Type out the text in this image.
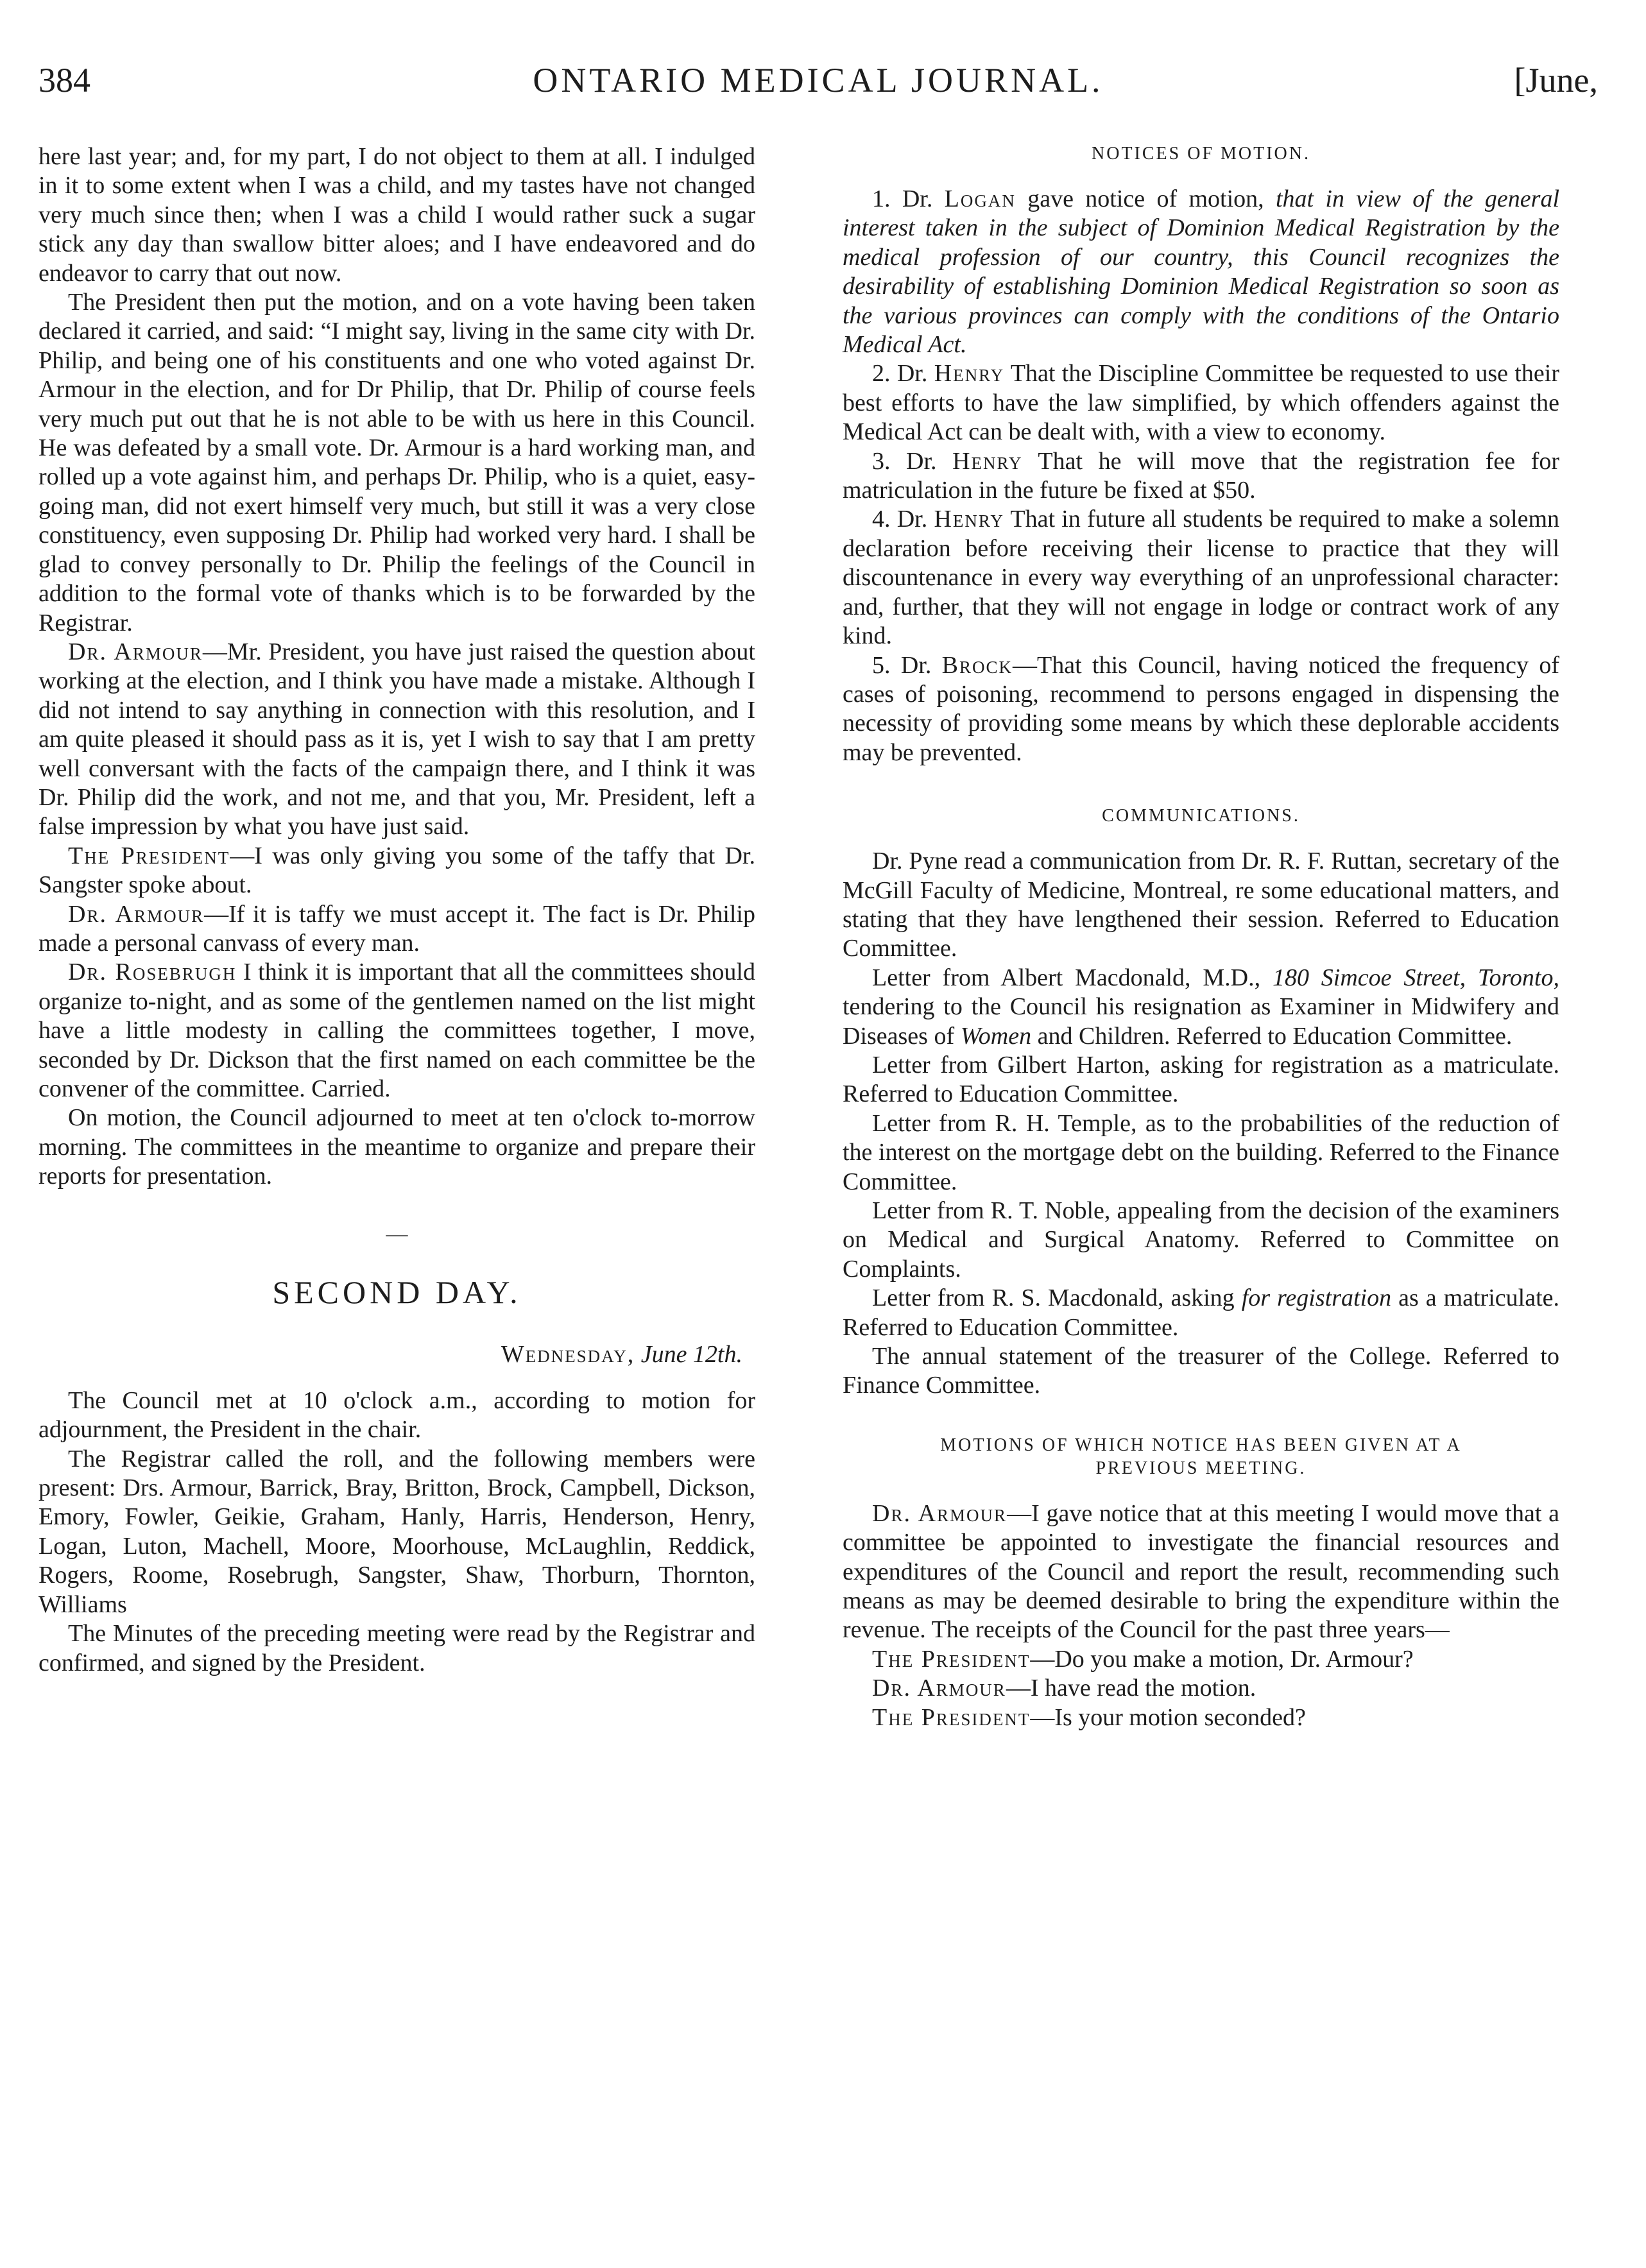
384	ONTARIO MEDICAL JOURNAL.	[June,

here last year; and, for my part, I do not object to them at all. I indulged in it to some extent when I was a child, and my tastes have not changed very much since then; when I was a child I would rather suck a sugar stick any day than swallow bitter aloes; and I have endeavored and do endeavor to carry that out now.

The President then put the motion, and on a vote having been taken declared it carried, and said: “I might say, living in the same city with Dr. Philip, and being one of his constituents and one who voted against Dr. Armour in the election, and for Dr Philip, that Dr. Philip of course feels very much put out that he is not able to be with us here in this Council. He was defeated by a small vote. Dr. Armour is a hard working man, and rolled up a vote against him, and perhaps Dr. Philip, who is a quiet, easy-going man, did not exert himself very much, but still it was a very close constituency, even supposing Dr. Philip had worked very hard. I shall be glad to convey personally to Dr. Philip the feelings of the Council in addition to the formal vote of thanks which is to be forwarded by the Registrar.

Dr. Armour—Mr. President, you have just raised the question about working at the election, and I think you have made a mistake. Although I did not intend to say anything in connection with this resolution, and I am quite pleased it should pass as it is, yet I wish to say that I am pretty well conversant with the facts of the campaign there, and I think it was Dr. Philip did the work, and not me, and that you, Mr. President, left a false impression by what you have just said.

The President—I was only giving you some of the taffy that Dr. Sangster spoke about.

Dr. Armour—If it is taffy we must accept it. The fact is Dr. Philip made a personal canvass of every man.

Dr. Rosebrugh I think it is important that all the committees should organize to-night, and as some of the gentlemen named on the list might have a little modesty in calling the committees together, I move, seconded by Dr. Dickson that the first named on each committee be the convener of the committee. Carried.

On motion, the Council adjourned to meet at ten o'clock to-morrow morning. The committees in the meantime to organize and prepare their reports for presentation.

—
SECOND DAY.
Wednesday, June 12th.

The Council met at 10 o'clock a.m., according to motion for adjournment, the President in the chair.

The Registrar called the roll, and the following members were present: Drs. Armour, Barrick, Bray, Britton, Brock, Campbell, Dickson, Emory, Fowler, Geikie, Graham, Hanly, Harris, Henderson, Henry, Logan, Luton, Machell, Moore, Moorhouse, McLaughlin, Reddick, Rogers, Roome, Rosebrugh, Sangster, Shaw, Thorburn, Thornton, Williams

The Minutes of the preceding meeting were read by the Registrar and confirmed, and signed by the President.

NOTICES OF MOTION.

1. Dr. Logan gave notice of motion, that in view of the general interest taken in the subject of Dominion Medical Registration by the medical profession of our country, this Council recognizes the desirability of establishing Dominion Medical Registration so soon as the various provinces can comply with the conditions of the Ontario Medical Act.

2. Dr. Henry That the Discipline Committee be requested to use their best efforts to have the law simplified, by which offenders against the Medical Act can be dealt with, with a view to economy.

3. Dr. Henry That he will move that the registration fee for matriculation in the future be fixed at $50.

4. Dr. Henry That in future all students be required to make a solemn declaration before receiving their license to practice that they will discountenance in every way everything of an unprofessional character: and, further, that they will not engage in lodge or contract work of any kind.

5. Dr. Brock—That this Council, having noticed the frequency of cases of poisoning, recommend to persons engaged in dispensing the necessity of providing some means by which these deplorable accidents may be prevented.

COMMUNICATIONS.

Dr. Pyne read a communication from Dr. R. F. Ruttan, secretary of the McGill Faculty of Medicine, Montreal, re some educational matters, and stating that they have lengthened their session. Referred to Education Committee.

Letter from Albert Macdonald, M.D., 180 Simcoe Street, Toronto, tendering to the Council his resignation as Examiner in Midwifery and Diseases of Women and Children. Referred to Education Committee.

Letter from Gilbert Harton, asking for registration as a matriculate. Referred to Education Committee.

Letter from R. H. Temple, as to the probabilities of the reduction of the interest on the mortgage debt on the building. Referred to the Finance Committee.

Letter from R. T. Noble, appealing from the decision of the examiners on Medical and Surgical Anatomy. Referred to Committee on Complaints.

Letter from R. S. Macdonald, asking for registration as a matriculate. Referred to Education Committee.

The annual statement of the treasurer of the College. Referred to Finance Committee.

MOTIONS OF WHICH NOTICE HAS BEEN GIVEN AT A
PREVIOUS MEETING.

Dr. Armour—I gave notice that at this meeting I would move that a committee be appointed to investigate the financial resources and expenditures of the Council and report the result, recommending such means as may be deemed desirable to bring the expenditure within the revenue. The receipts of the Council for the past three years—

The President—Do you make a motion, Dr. Armour?

Dr. Armour—I have read the motion.

The President—Is your motion seconded?
